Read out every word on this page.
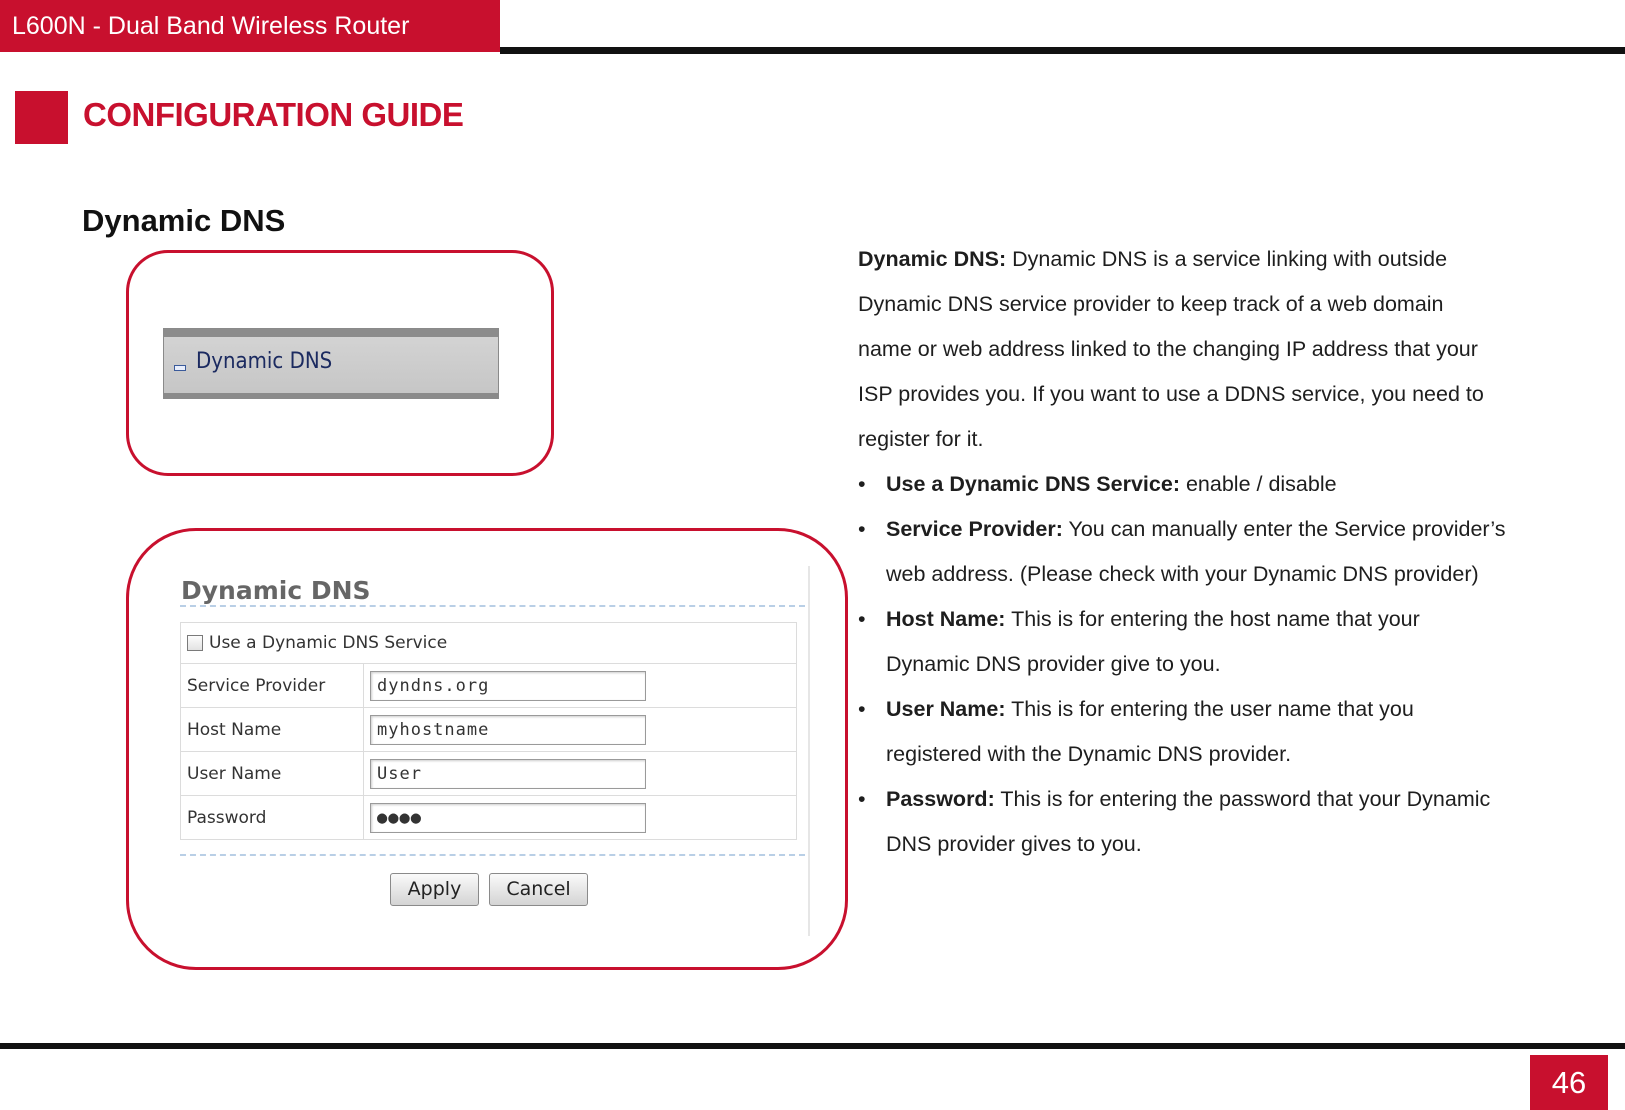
L600N - Dual Band Wireless Router
CONFIGURATION GUIDE
Dynamic DNS
Dynamic DNS
Dynamic DNS
Use a Dynamic DNS Service	

Service Provider	dyndns.org

Host Name	myhostname

User Name	User

Password	●●●●
Apply	Cancel

Dynamic DNS: Dynamic DNS is a service linking with outside
Dynamic DNS service provider to keep track of a web domain
name or web address linked to the changing IP address that your
ISP provides you. If you want to use a DDNS service, you need to
register for it.

• Use a Dynamic DNS Service: enable / disable
• Service Provider: You can manually enter the Service provider’s
web address. (Please check with your Dynamic DNS provider)
• Host Name: This is for entering the host name that your
Dynamic DNS provider give to you.
• User Name: This is for entering the user name that you
registered with the Dynamic DNS provider.
• Password: This is for entering the password that your Dynamic
DNS provider gives to you.
46
